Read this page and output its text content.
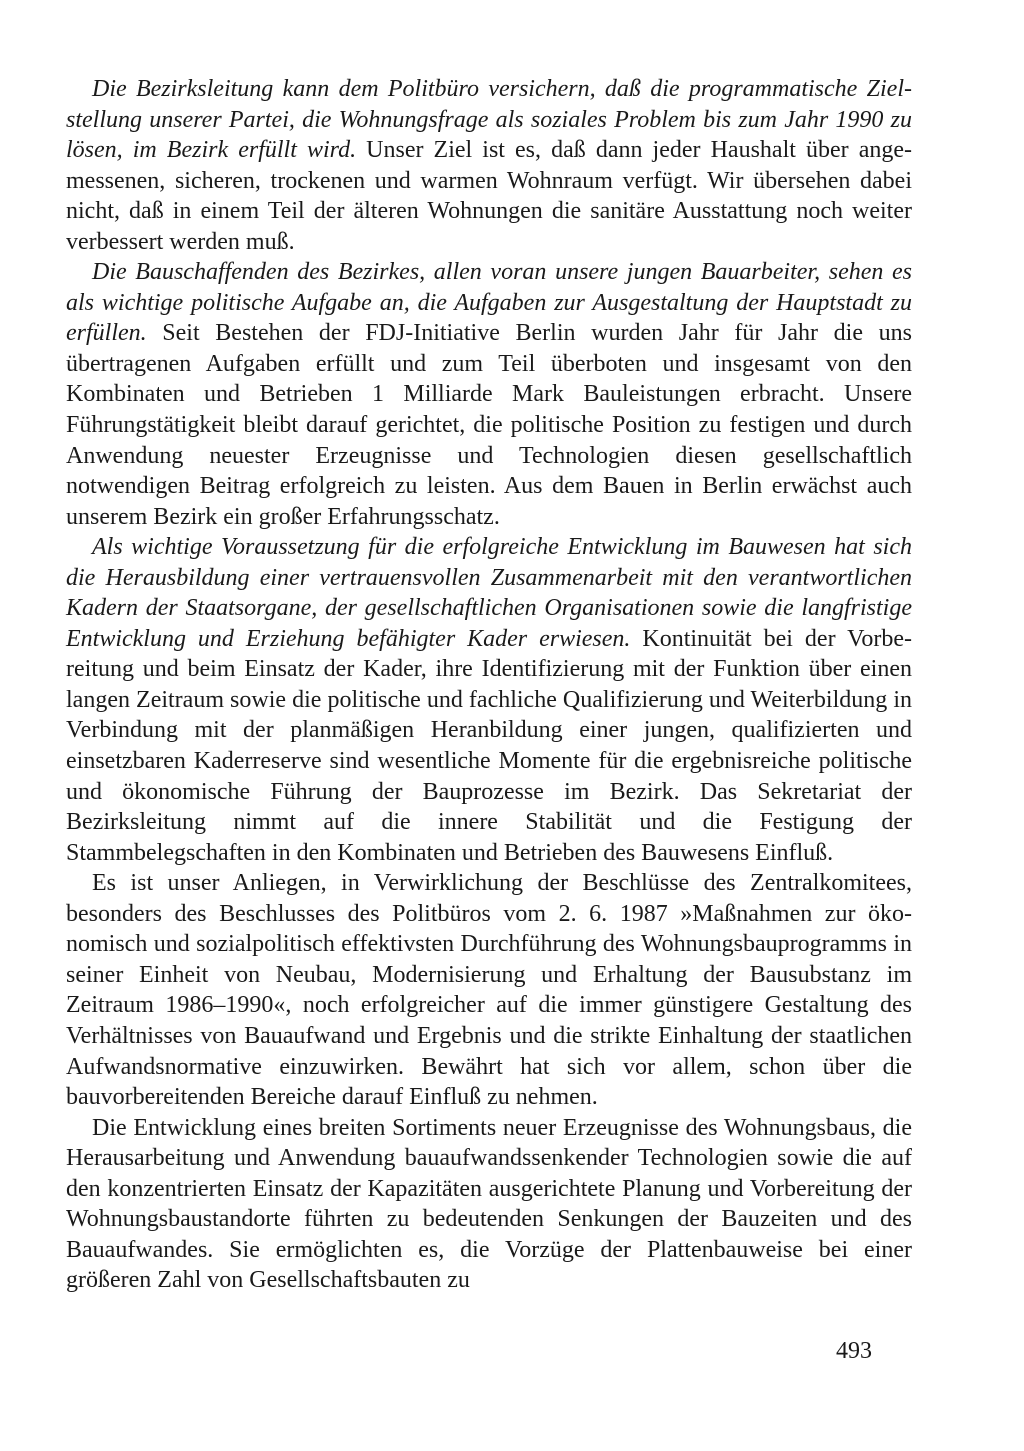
Die Bezirksleitung kann dem Politbüro versichern, daß die programmatische Zielstellung unserer Partei, die Wohnungsfrage als soziales Problem bis zum Jahr 1990 zu lösen, im Bezirk erfüllt wird. Unser Ziel ist es, daß dann jeder Haushalt über angemessenen, sicheren, trockenen und warmen Wohnraum verfügt. Wir übersehen dabei nicht, daß in einem Teil der älteren Wohnungen die sanitäre Ausstattung noch weiter verbessert werden muß.

Die Bauschaffenden des Bezirkes, allen voran unsere jungen Bauarbeiter, sehen es als wichtige politische Aufgabe an, die Aufgaben zur Ausgestaltung der Hauptstadt zu erfüllen. Seit Bestehen der FDJ-Initiative Berlin wurden Jahr für Jahr die uns übertragenen Aufgaben erfüllt und zum Teil überboten und insgesamt von den Kombinaten und Betrieben 1 Milliarde Mark Bauleistungen erbracht. Unsere Führungstätigkeit bleibt darauf gerichtet, die politische Position zu festigen und durch Anwendung neuester Erzeugnisse und Technologien diesen gesellschaftlich notwendigen Beitrag erfolgreich zu leisten. Aus dem Bauen in Berlin erwächst auch unserem Bezirk ein großer Erfahrungsschatz.

Als wichtige Voraussetzung für die erfolgreiche Entwicklung im Bauwesen hat sich die Herausbildung einer vertrauensvollen Zusammenarbeit mit den verantwortlichen Kadern der Staatsorgane, der gesellschaftlichen Organisationen sowie die langfristige Entwicklung und Erziehung befähigter Kader erwiesen. Kontinuität bei der Vorbereitung und beim Einsatz der Kader, ihre Identifizierung mit der Funktion über einen langen Zeitraum sowie die politische und fachliche Qualifizierung und Weiterbildung in Verbindung mit der planmäßigen Heranbildung einer jungen, qualifizierten und einsetzbaren Kaderreserve sind wesentliche Momente für die ergebnisreiche politische und ökonomische Führung der Bauprozesse im Bezirk. Das Sekretariat der Bezirksleitung nimmt auf die innere Stabilität und die Festigung der Stammbelegschaften in den Kombinaten und Betrieben des Bauwesens Einfluß.

Es ist unser Anliegen, in Verwirklichung der Beschlüsse des Zentralkomitees, besonders des Beschlusses des Politbüros vom 2. 6. 1987 »Maßnahmen zur ökonomisch und sozialpolitisch effektivsten Durchführung des Wohnungsbauprogramms in seiner Einheit von Neubau, Modernisierung und Erhaltung der Bausubstanz im Zeitraum 1986–1990«, noch erfolgreicher auf die immer günstigere Gestaltung des Verhältnisses von Bauaufwand und Ergebnis und die strikte Einhaltung der staatlichen Aufwandsnormative einzuwirken. Bewährt hat sich vor allem, schon über die bauvorbereitenden Bereiche darauf Einfluß zu nehmen.

Die Entwicklung eines breiten Sortiments neuer Erzeugnisse des Wohnungsbaus, die Herausarbeitung und Anwendung bauaufwandssenkender Technologien sowie die auf den konzentrierten Einsatz der Kapazitäten ausgerichtete Planung und Vorbereitung der Wohnungsbaustandorte führten zu bedeutenden Senkungen der Bauzeiten und des Bauaufwandes. Sie ermöglichten es, die Vorzüge der Plattenbauweise bei einer größeren Zahl von Gesellschaftsbauten zu

493
